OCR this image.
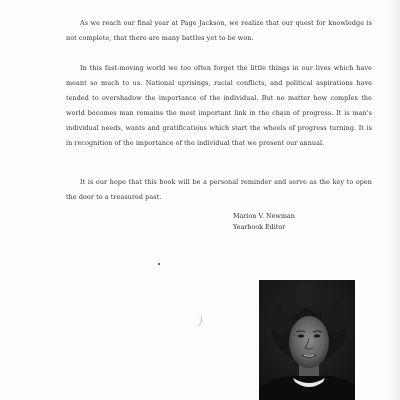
As we reach our final year at Page Jackson, we realize that our quest for knowledge is not complete, that there are many battles yet to be won.

In this fast-moving world we too often forget the little things in our lives which have meant so much to us. National uprisings, racial conflicts, and political aspirations have tended to overshadow the importance of the individual. But no matter how complex the world becomes man remains the most important link in the chain of progress. It is man's individual needs, wants and gratifications which start the wheels of progress turning. It is in recognition of the importance of the individual that we present our annual.

It is our hope that this book will be a personal reminder and serve as the key to open the door to a treasured past.

Marion V. Newman
Yearbook Editor
